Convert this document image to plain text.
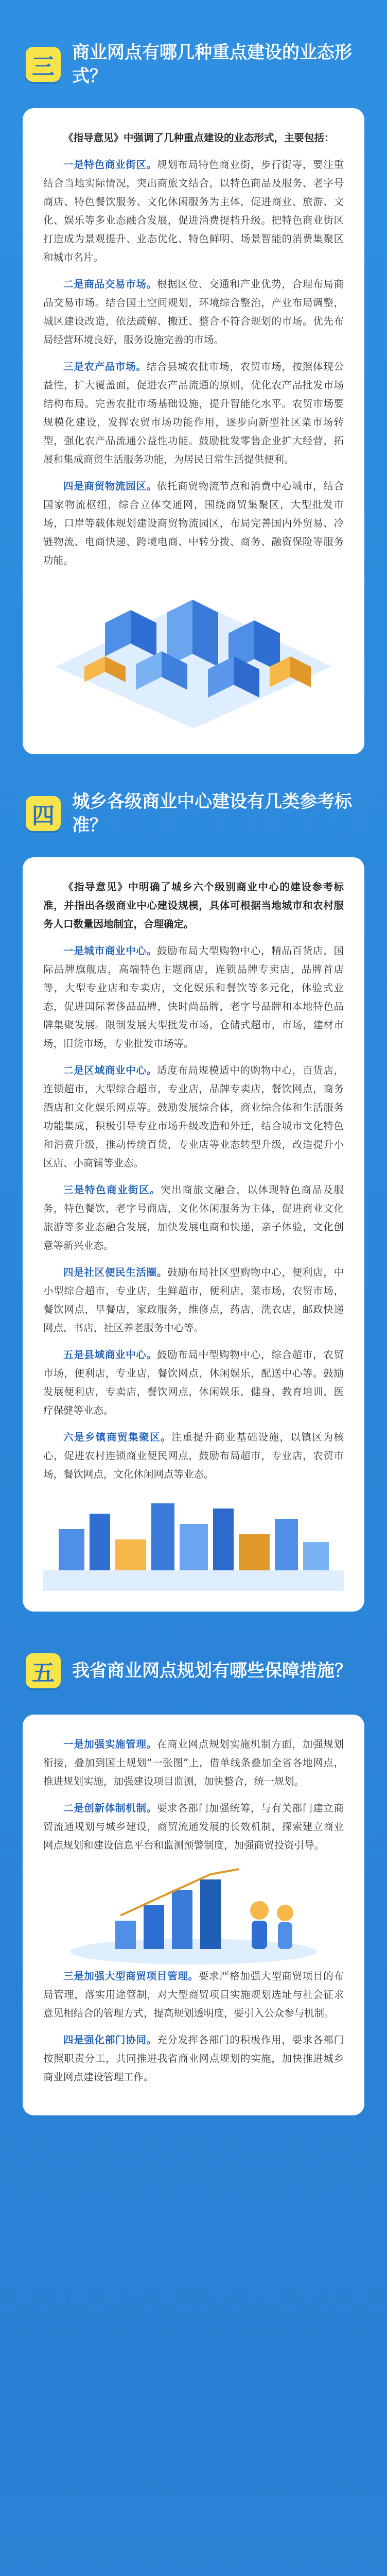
三
商业网点有哪几种重点建设的业态形式？

《指导意见》中强调了几种重点建设的业态形式，主要包括：

一是特色商业街区。规划布局特色商业街，步行街等，要注重结合当地实际情况，突出商旅文结合，以特色商品及服务、老字号商店、特色餐饮服务、文化休闲服务为主体，促进商业、旅游、文化、娱乐等多业态融合发展，促进消费提档升级。把特色商业街区打造成为景观提升、业态优化、特色鲜明、场景智能的消费集聚区和城市名片。

二是商品交易市场。根据区位、交通和产业优势，合理布局商品交易市场。结合国土空间规划，环境综合整治，产业布局调整，城区建设改造，依法疏解、搬迁、整合不符合规划的市场。优先布局经营环境良好，服务设施完善的市场。

三是农产品市场。结合县城农批市场，农贸市场，按照体现公益性，扩大覆盖面，促进农产品流通的原则，优化农产品批发市场结构布局。完善农批市场基础设施，提升智能化水平。农贸市场要规模化建设，发挥农贸市场功能作用，逐步向新型社区菜市场转型，强化农产品流通公益性功能。鼓励批发零售企业扩大经营，拓展和集成商贸生活服务功能，为居民日常生活提供便利。

四是商贸物流园区。依托商贸物流节点和消费中心城市，结合国家物流枢纽，综合立体交通网，围绕商贸集聚区，大型批发市场，口岸等载体规划建设商贸物流园区，布局完善国内外贸易、冷链物流、电商快递、跨境电商、中转分拨、商务、融资保险等服务功能。

四
城乡各级商业中心建设有几类参考标准？

《指导意见》中明确了城乡六个级别商业中心的建设参考标准，并指出各级商业中心建设规模，具体可根据当地城市和农村服务人口数量因地制宜，合理确定。

一是城市商业中心。鼓励布局大型购物中心，精品百货店，国际品牌旗舰店，高端特色主题商店，连锁品牌专卖店，品牌首店等，大型专业店和专卖店，文化娱乐和餐饮等多元化，体验式业态，促进国际奢侈品品牌，快时尚品牌，老字号品牌和本地特色品牌集聚发展。限制发展大型批发市场，仓储式超市，市场，建材市场，旧货市场，专业批发市场等。

二是区域商业中心。适度布局规模适中的购物中心，百货店，连锁超市，大型综合超市，专业店，品牌专卖店，餐饮网点，商务酒店和文化娱乐网点等。鼓励发展综合体，商业综合体和生活服务功能集成，积极引导专业市场升级改造和外迁，结合城市文化特色和消费升级，推动传统百货，专业店等业态转型升级，改造提升小区店、小商铺等业态。

三是特色商业街区。突出商旅文融合，以体现特色商品及服务，特色餐饮，老字号商店，文化休闲服务为主体，促进商业文化旅游等多业态融合发展，加快发展电商和快递，亲子体验，文化创意等新兴业态。

四是社区便民生活圈。鼓励布局社区型购物中心，便利店，中小型综合超市，专业店，生鲜超市，便利店，菜市场，农贸市场，餐饮网点，早餐店，家政服务，维修点，药店，洗衣店，邮政快递网点，书店，社区养老服务中心等。

五是县域商业中心。鼓励布局中型购物中心，综合超市，农贸市场，便利店，专业店，餐饮网点，休闲娱乐，配送中心等。鼓励发展便利店，专卖店，餐饮网点，休闲娱乐，健身，教育培训，医疗保健等业态。

六是乡镇商贸集聚区。注重提升商业基础设施，以镇区为核心，促进农村连锁商业便民网点，鼓励布局超市，专业店，农贸市场，餐饮网点，文化休闲网点等业态。

五	我省商业网点规划有哪些保障措施？

一是加强实施管理。在商业网点规划实施机制方面，加强规划衔接，叠加到国土规划“一张图”上，借单线条叠加全省各地网点，推进规划实施，加强建设项目监测，加快整合，统一规划。

二是创新体制机制。要求各部门加强统筹，与有关部门建立商贸流通规划与城乡建设，商贸流通发展的长效机制，探索建立商业网点规划和建设信息平台和监测预警制度，加强商贸投资引导。

三是加强大型商贸项目管理。要求严格加强大型商贸项目的布局管理，落实用途管制，对大型商贸项目实施规划选址与社会征求意见相结合的管理方式，提高规划透明度，要引入公众参与机制。

四是强化部门协同。充分发挥各部门的积极作用，要求各部门按照职责分工，共同推进我省商业网点规划的实施，加快推进城乡商业网点建设管理工作。
